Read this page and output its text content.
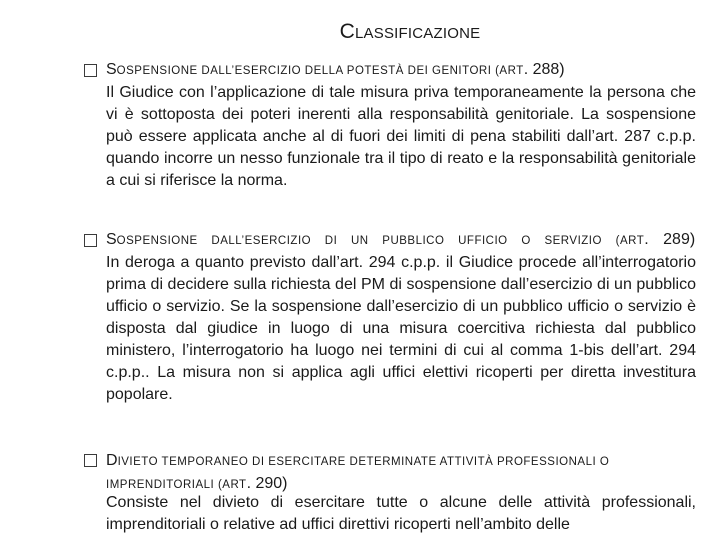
CLASSIFICAZIONE
SOSPENSIONE DALL’ESERCIZIO DELLA POTESTÀ DEI GENITORI (ART. 288)
Il Giudice con l’applicazione di tale misura priva temporaneamente la persona che vi è sottoposta dei poteri inerenti alla responsabilità genitoriale. La sospensione può essere applicata anche al di fuori dei limiti di pena stabiliti dall’art. 287 c.p.p. quando incorre un nesso funzionale tra il tipo di reato e la responsabilità genitoriale a cui si riferisce la norma.
SOSPENSIONE DALL’ESERCIZIO DI UN PUBBLICO UFFICIO O SERVIZIO (ART. 289)
In deroga a quanto previsto dall’art. 294 c.p.p. il Giudice procede all’interrogatorio prima di decidere sulla richiesta del PM di sospensione dall’esercizio di un pubblico ufficio o servizio. Se la sospensione dall’esercizio di un pubblico ufficio o servizio è disposta dal giudice in luogo di una misura coercitiva richiesta dal pubblico ministero, l’interrogatorio ha luogo nei termini di cui al comma 1-bis dell’art. 294 c.p.p.. La misura non si applica agli uffici elettivi ricoperti per diretta investitura popolare.
DIVIETO TEMPORANEO DI ESERCITARE DETERMINATE ATTIVITÀ PROFESSIONALI O IMPRENDITORIALI (ART. 290)
Consiste nel divieto di esercitare tutte o alcune delle attività professionali, imprenditoriali o relative ad uffici direttivi ricoperti nell’ambito delle
